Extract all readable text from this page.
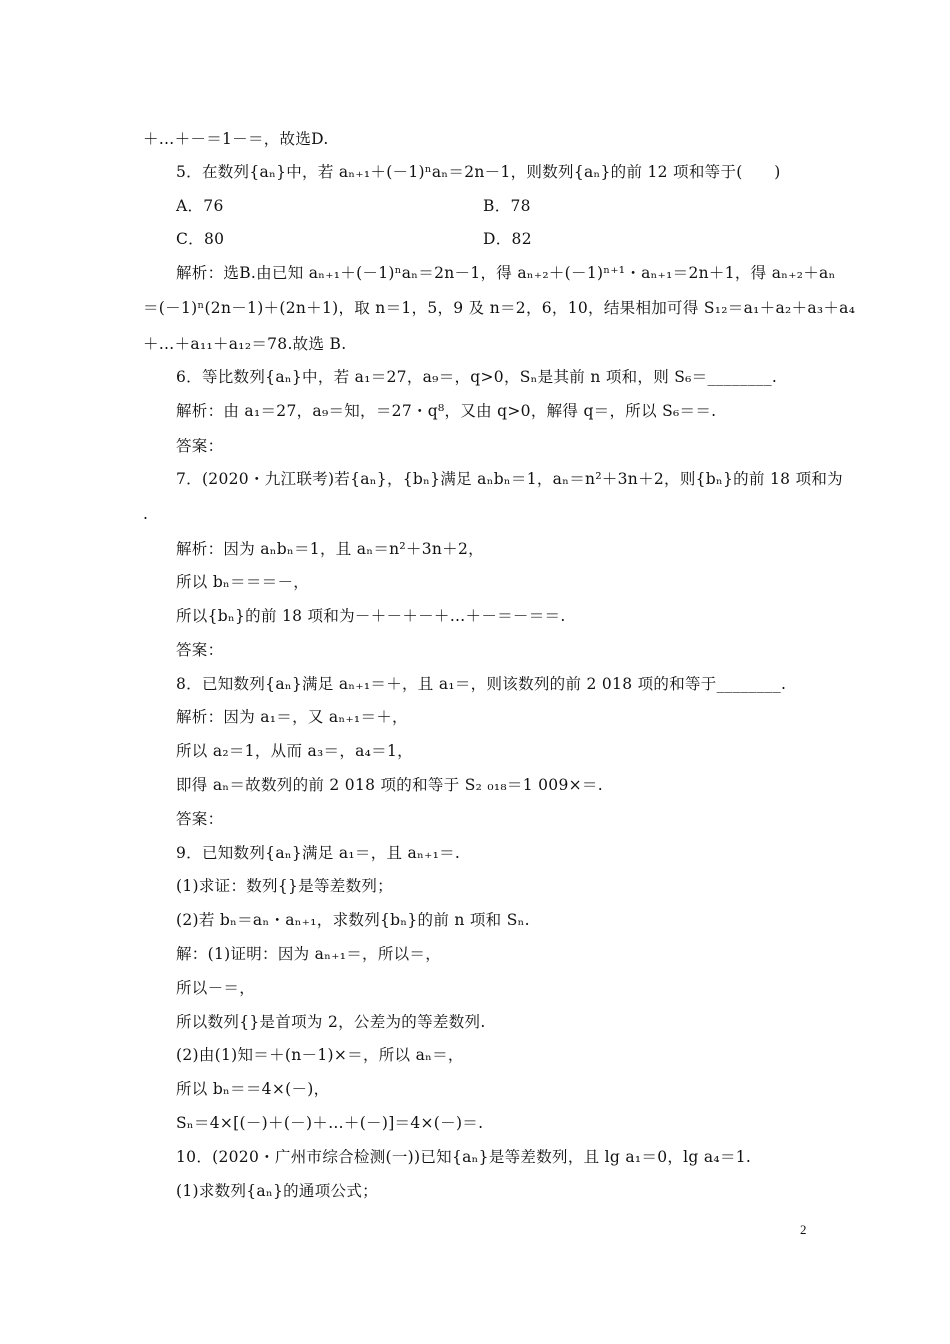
＋…＋－＝1－＝，故选D.
5．在数列{aₙ}中，若 aₙ₊₁＋(－1)ⁿaₙ＝2n－1，则数列{aₙ}的前 12 项和等于(　　)
A．76	B．78
C．80	D．82
解析：选B.由已知 aₙ₊₁＋(－1)ⁿaₙ＝2n－1，得 aₙ₊₂＋(－1)ⁿ⁺¹・aₙ₊₁＝2n＋1，得 aₙ₊₂＋aₙ
＝(－1)ⁿ(2n－1)＋(2n＋1)，取 n＝1，5，9 及 n＝2，6，10，结果相加可得 S₁₂＝a₁＋a₂＋a₃＋a₄
＋…＋a₁₁＋a₁₂＝78.故选 B.
6．等比数列{aₙ}中，若 a₁＝27，a₉＝，q>0，Sₙ是其前 n 项和，则 S₆＝________.
解析：由 a₁＝27，a₉＝知，＝27・q⁸，又由 q>0，解得 q＝，所以 S₆＝＝.
答案：
7．(2020・九江联考)若{aₙ}，{bₙ}满足 aₙbₙ＝1，aₙ＝n²＋3n＋2，则{bₙ}的前 18 项和为
.
解析：因为 aₙbₙ＝1，且 aₙ＝n²＋3n＋2，
所以 bₙ＝＝＝－，
所以{bₙ}的前 18 项和为－＋－＋－＋…＋－＝－＝＝.
答案：
8．已知数列{aₙ}满足 aₙ₊₁＝＋，且 a₁＝，则该数列的前 2 018 项的和等于________.
解析：因为 a₁＝，又 aₙ₊₁＝＋，
所以 a₂＝1，从而 a₃＝，a₄＝1，
即得 aₙ＝故数列的前 2 018 项的和等于 S₂ ₀₁₈＝1 009×＝.
答案：
9．已知数列{aₙ}满足 a₁＝，且 aₙ₊₁＝.
(1)求证：数列{}是等差数列；
(2)若 bₙ＝aₙ・aₙ₊₁，求数列{bₙ}的前 n 项和 Sₙ.
解：(1)证明：因为 aₙ₊₁＝，所以＝，
所以－＝，
所以数列{}是首项为 2，公差为的等差数列.
(2)由(1)知＝＋(n－1)×＝，所以 aₙ＝，
所以 bₙ＝＝4×(－)，
Sₙ＝4×[(－)＋(－)＋…＋(－)]＝4×(－)＝.
10．(2020・广州市综合检测(一))已知{aₙ}是等差数列，且 lg a₁＝0，lg a₄＝1.
(1)求数列{aₙ}的通项公式；
2
